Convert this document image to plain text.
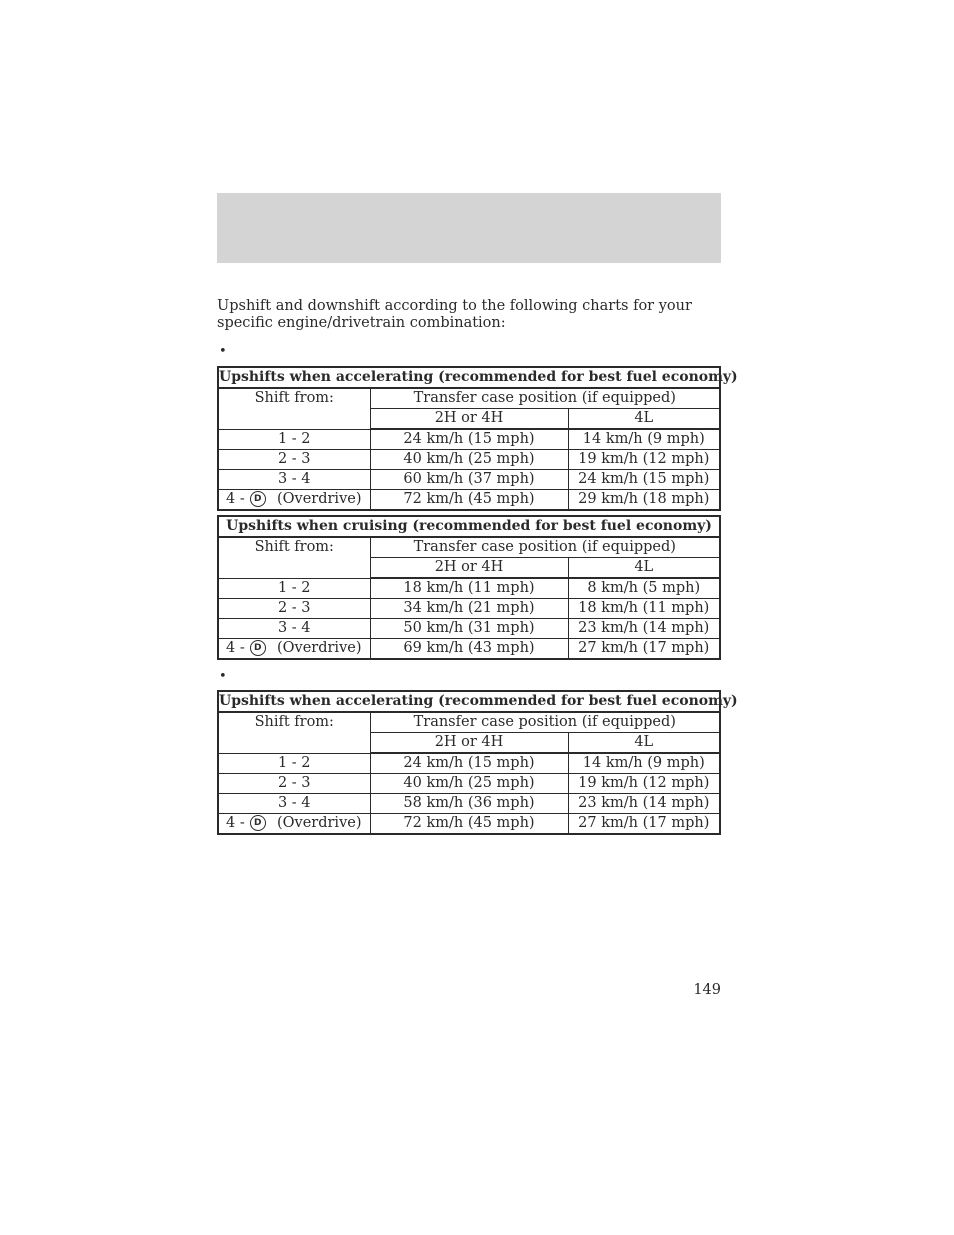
Upshift and downshift according to the following charts for your specific engine/drivetrain combination:
•
Upshifts when accelerating (recommended for best fuel economy)		
Shift from:	Transfer case position (if equipped)	
	2H or 4H	4L
1 - 2	24 km/h (15 mph)	14 km/h (9 mph)
2 - 3	40 km/h (25 mph)	19 km/h (12 mph)
3 - 4	60 km/h (37 mph)	24 km/h (15 mph)

4 - D (Overdrive)	72 km/h (45 mph)	29 km/h (18 mph)
Upshifts when cruising (recommended for best fuel economy)		
Shift from:	Transfer case position (if equipped)	
	2H or 4H	4L
1 - 2	18 km/h (11 mph)	8 km/h (5 mph)
2 - 3	34 km/h (21 mph)	18 km/h (11 mph)
3 - 4	50 km/h (31 mph)	23 km/h (14 mph)

4 - D (Overdrive)	69 km/h (43 mph)	27 km/h (17 mph)
•
Upshifts when accelerating (recommended for best fuel economy)		
Shift from:	Transfer case position (if equipped)	
	2H or 4H	4L
1 - 2	24 km/h (15 mph)	14 km/h (9 mph)
2 - 3	40 km/h (25 mph)	19 km/h (12 mph)
3 - 4	58 km/h (36 mph)	23 km/h (14 mph)

4 - D (Overdrive)	72 km/h (45 mph)	27 km/h (17 mph)
149
